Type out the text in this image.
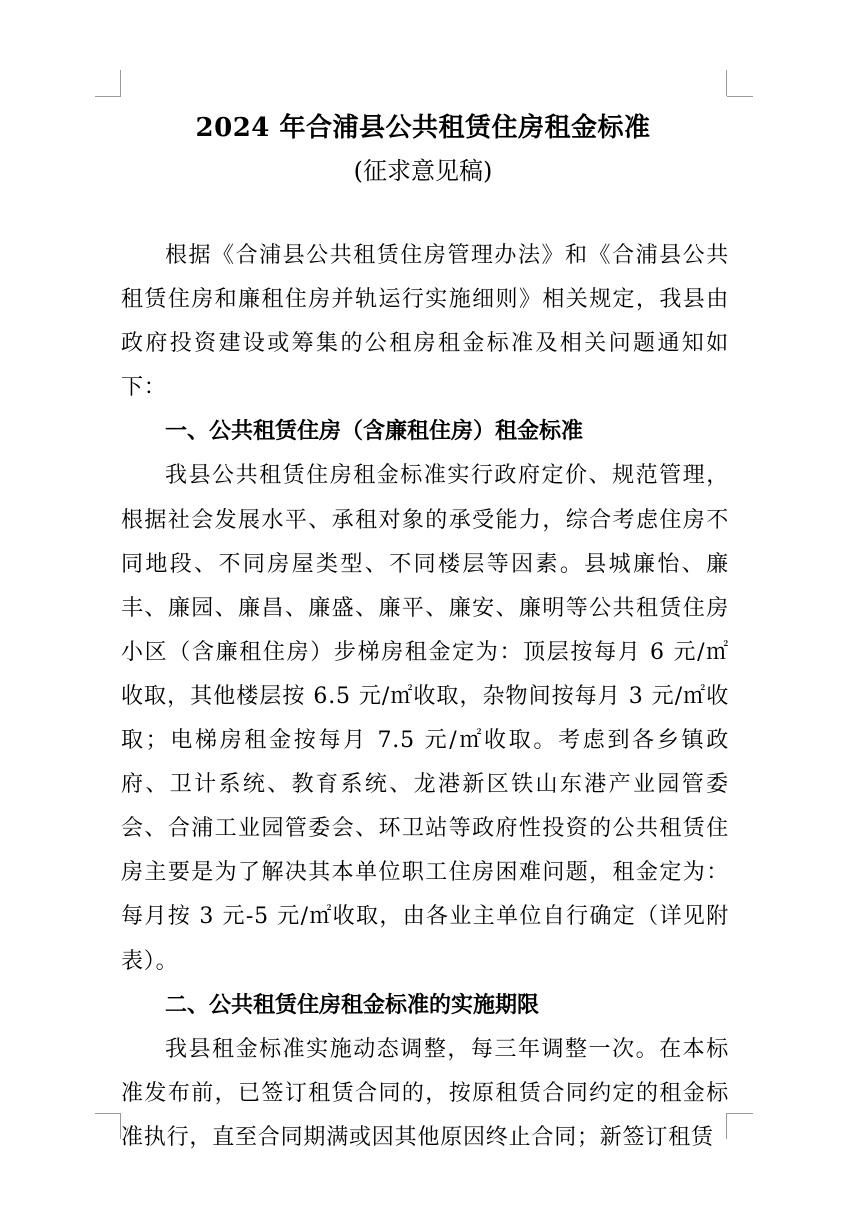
2024 年合浦县公共租赁住房租金标准
(征求意见稿)

根据《合浦县公共租赁住房管理办法》和《合浦县公共租赁住房和廉租住房并轨运行实施细则》相关规定，我县由政府投资建设或筹集的公租房租金标准及相关问题通知如下：

一、公共租赁住房（含廉租住房）租金标准

我县公共租赁住房租金标准实行政府定价、规范管理，根据社会发展水平、承租对象的承受能力，综合考虑住房不同地段、不同房屋类型、不同楼层等因素。县城廉怡、廉丰、廉园、廉昌、廉盛、廉平、廉安、廉明等公共租赁住房小区（含廉租住房）步梯房租金定为：顶层按每月 6 元/㎡收取，其他楼层按 6.5 元/㎡收取，杂物间按每月 3 元/㎡收取；电梯房租金按每月 7.5 元/㎡收取。考虑到各乡镇政府、卫计系统、教育系统、龙港新区铁山东港产业园管委会、合浦工业园管委会、环卫站等政府性投资的公共租赁住房主要是为了解决其本单位职工住房困难问题，租金定为：每月按 3 元-5 元/㎡收取，由各业主单位自行确定（详见附表）。

二、公共租赁住房租金标准的实施期限

我县租金标准实施动态调整，每三年调整一次。在本标准发布前，已签订租赁合同的，按原租赁合同约定的租金标准执行，直至合同期满或因其他原因终止合同；新签订租赁
